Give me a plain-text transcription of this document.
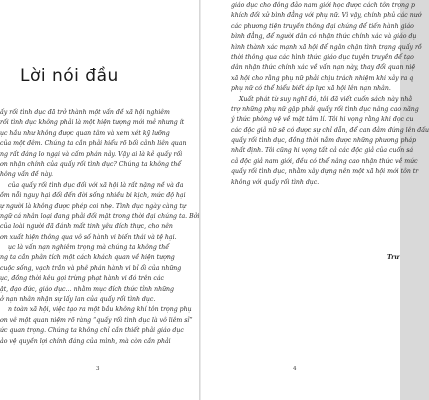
Lời nói đầu
ấy rối tình dục đã trở thành một vấn đề xã hội nghiêm
rối tình dục không phải là một hiện tượng mới mẻ nhưng ít
ục hầu như không được quan tâm và xem xét kỹ lưỡng
của một đêm. Chúng ta cần phải hiểu rõ bối cảnh liên quan
ng rất đáng lo ngại và cấm phán nảy. Vậy ai là kẻ quấy rối
ơn nhận chính của quấy rối tình dục? Chúng ta không thể
hông vấn đề này.
của quấy rối tình dục đối với xã hội là rất nặng nề và đa
ồm nỗi nguy hại đối đến đời sống nhiều bi kịch, mức độ hại
ự người là không được phép coi nhẹ. Tình dục ngày càng tự
ngữ cá nhân loại đang phải đối mặt trong thời đại chúng ta. Bởi
của loài người đã đánh mất tinh yêu đích thực, cho nên
ơn xuất hiện thông qua vô số hành vi biến thái và tệ hại.
ục là vấn nạn nghiêm trọng mà chúng ta không thể
ng ta cần phân tích một cách khách quan về hiện tượng
cuộc sống, vạch trần và phê phán hành vi bỉ ổi của những
ục, đồng thời kêu gọi trừng phạt hành vi đó trên các
ật, đạo đức, giáo dục… nhằm mục đích thức tỉnh những
ở nạn nhân nhận sự lấy lan của quấy rối tình dục.
n toàn xã hội, việc tạo ra một bầu không khí tôn trọng phụ
ơn vê một quan niệm rõ ràng “quấy rối tình dục là vô liêm sỉ”
ức quan trọng. Chúng ta không chỉ cần thiết phải giáo dục
ảo vệ quyền lợi chính đáng của mình, mà còn cần phải
3
giáo dục cho đông đảo nam giới học được cách tôn trọng p
khích đối xử bình đẳng với phụ nữ. Vì vậy, chính phủ các nướ
các phương tiện truyền thông đại chúng để tiến hành giáo
bình đẳng, để người dân có nhận thức chính xác và giáo dụ
hình thành xác mạnh xã hội để ngăn chặn tình trạng quấy rồ
thời thông qua các hình thức giáo dục tuyên truyền để tạo
dân nhận thức chính xác về vấn nạn này, thay đổi quan niệ
xã hội cho rằng phụ nữ phải chịu trách nhiệm khi xảy ra q
phụ nữ có thể hiểu biết áp lực xã hội lên nạn nhân.
Xuất phát từ suy nghĩ đó, tôi đã viết cuốn sách này nhằ
trợ những phụ nữ gặp phải quấy rối tình dục nâng cao năng
ý thức phòng vệ về mặt tâm lí. Tôi hi vọng rằng khi đọc cu
các độc giả nữ sẽ có được sự chỉ dẫn, để can đảm đứng lên đấu
quấy rối tình dục, đồng thời nắm được những phương pháp
nhất định. Tôi cũng hi vọng tất cả các độc giả của cuốn sá
cả độc giả nam giới, đều có thể nâng cao nhận thức về mức
quấy rối tình dục, nhằm xây dựng nên một xã hội mới tôn tr
không với quấy rối tình dục.
Trư
4
